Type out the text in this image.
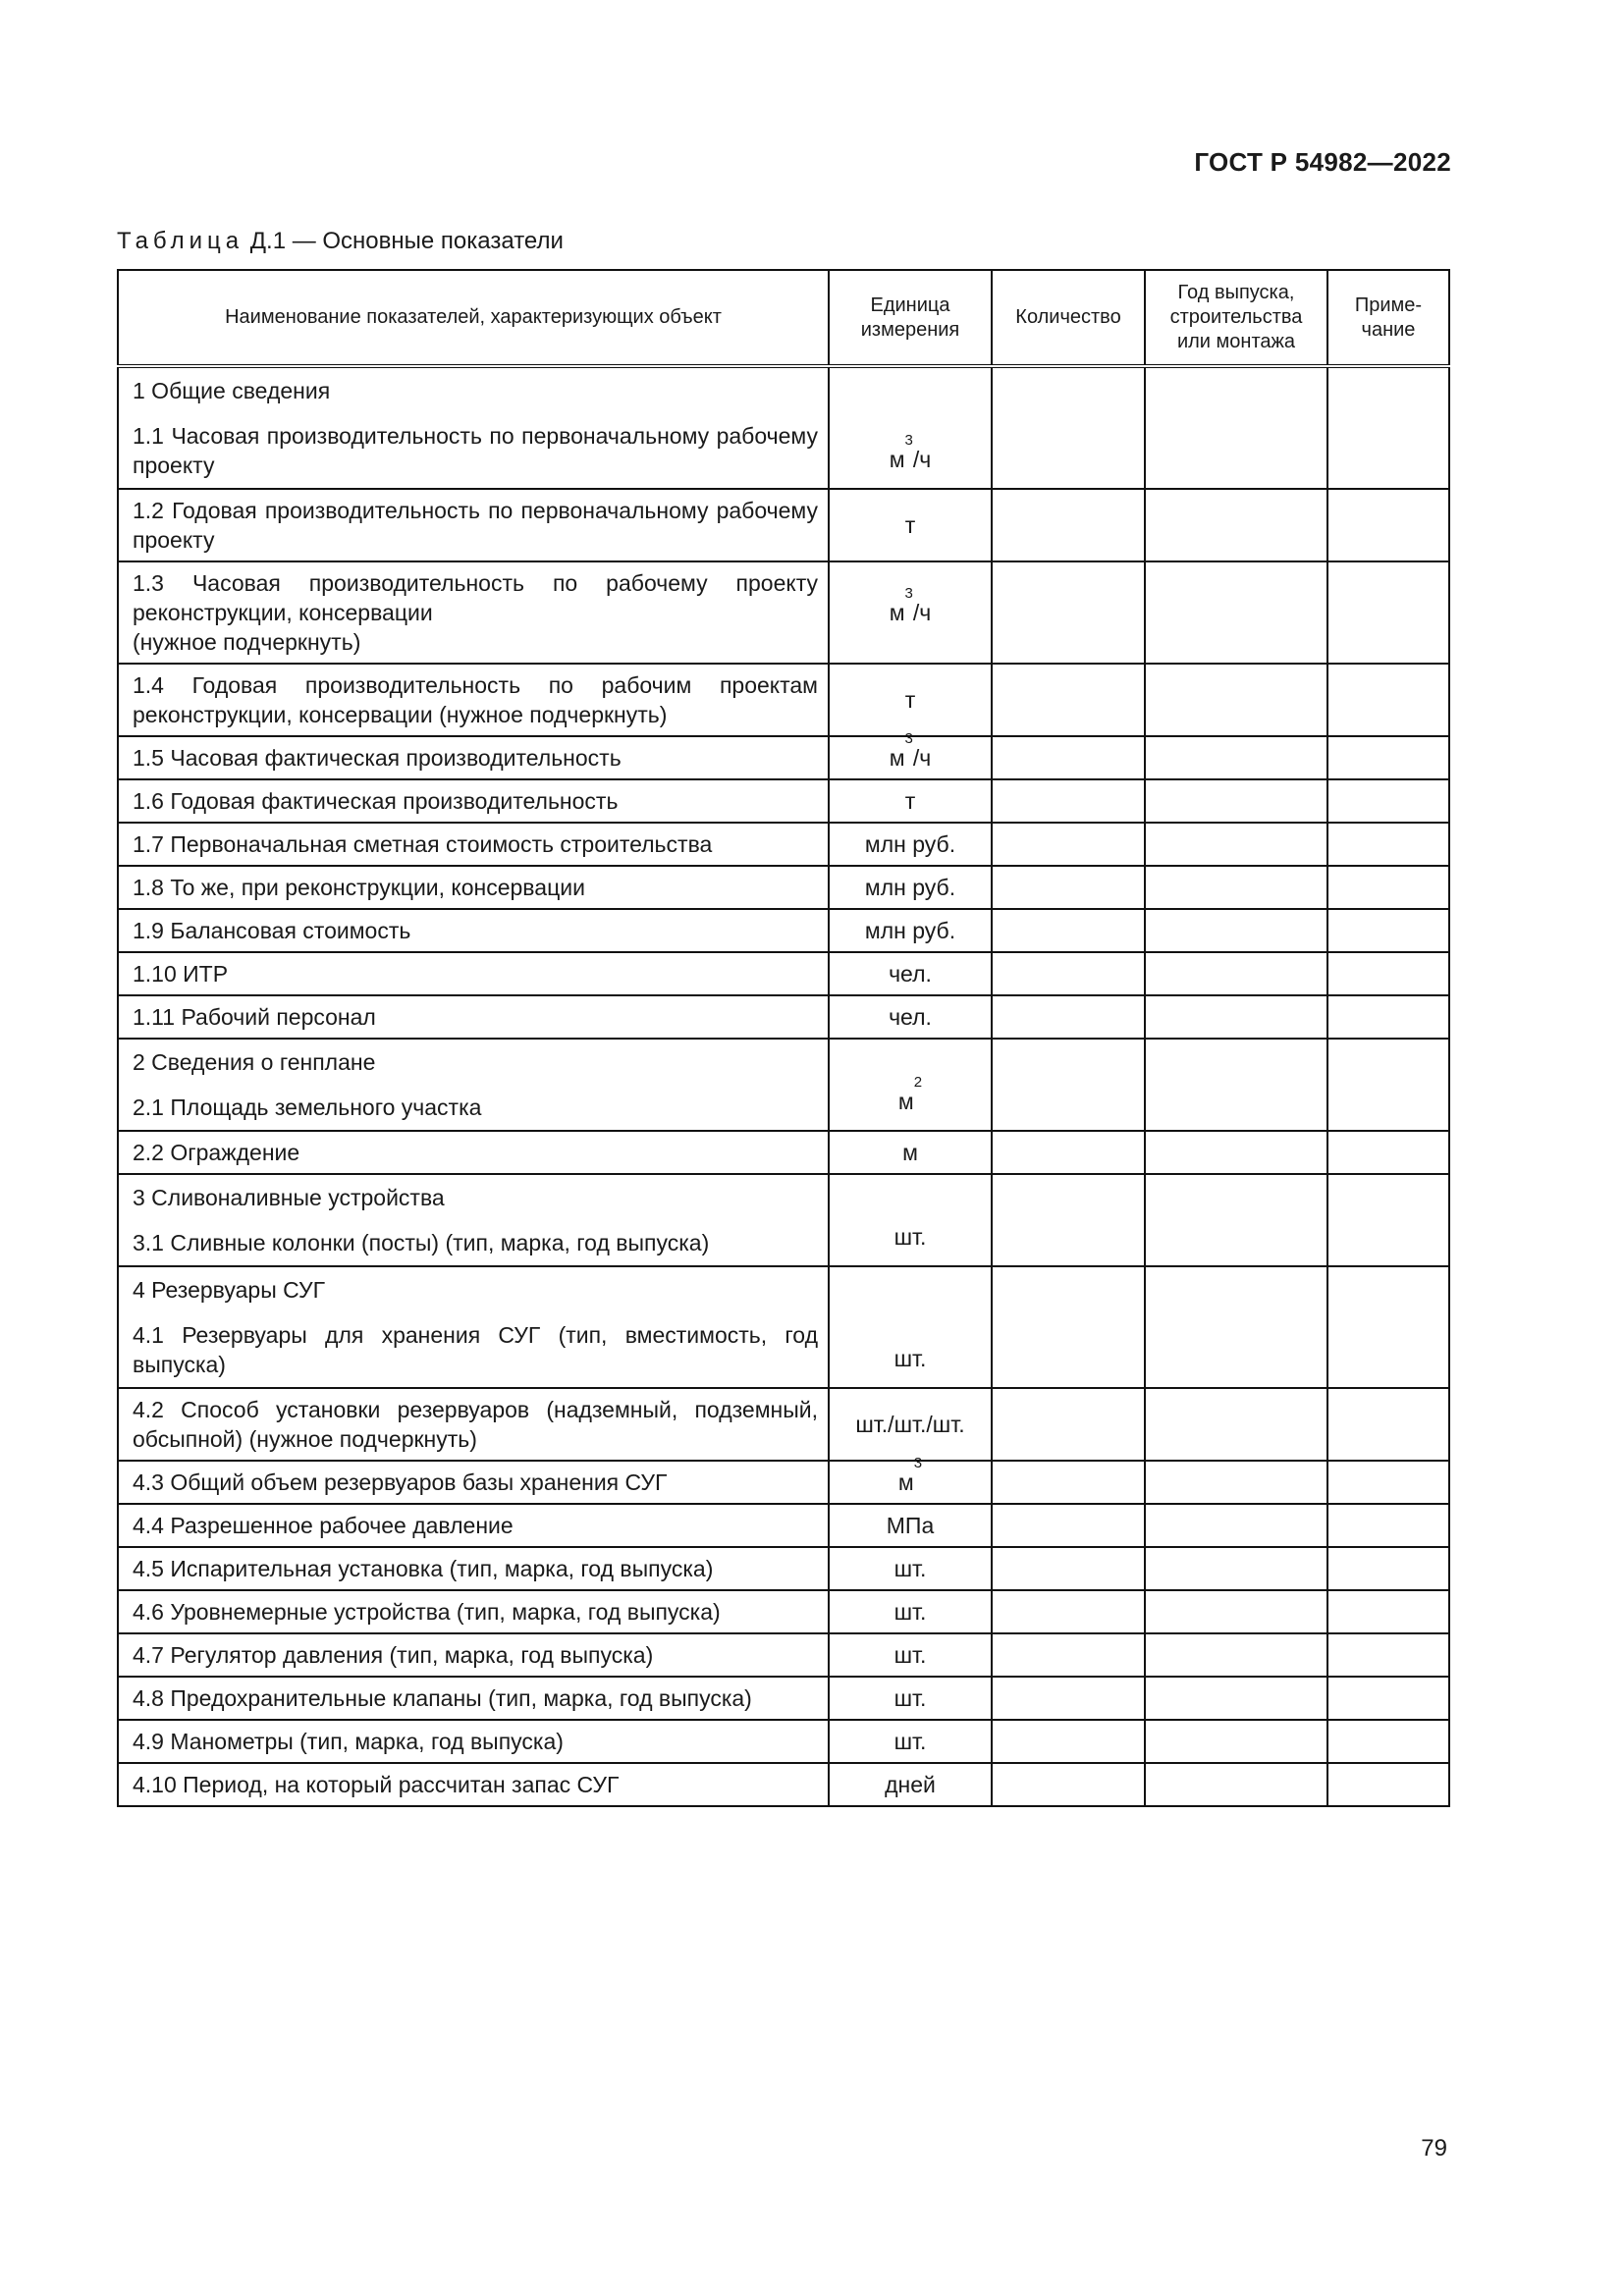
ГОСТ Р 54982—2022
Таблица Д.1 — Основные показатели
Наименование показателей, характеризующих объект	Единица измерения	Количество	Год выпуска, строительства или монтажа	Приме- чание

1 Общие сведения
1.1 Часовая производительность по первоначальному рабочему проекту	$м^3/ч$			
1.2 Годовая производительность по первоначальному рабочему проекту	т			
1.3 Часовая производительность по рабочему проекту реконструкции, консервации
(нужное подчеркнуть)	$м^3/ч$			
1.4 Годовая производительность по рабочим проектам реконструкции, консервации (нужное подчеркнуть)	т			
1.5 Часовая фактическая производительность	$м^3/ч$			
1.6 Годовая фактическая производительность	т			
1.7 Первоначальная сметная стоимость строительства	млн руб.			
1.8 То же, при реконструкции, консервации	млн руб.			
1.9 Балансовая стоимость	млн руб.			
1.10 ИТР	чел.			
1.11 Рабочий персонал	чел.			

2 Сведения о генплане
2.1 Площадь земельного участка	$м^2$			
2.2 Ограждение	м			

3 Сливоналивные устройства
3.1 Сливные колонки (посты) (тип, марка, год выпуска)	шт.			

4 Резервуары СУГ
4.1 Резервуары для хранения СУГ (тип, вместимость, год выпуска)	шт.			
4.2 Способ установки резервуаров (надземный, подземный, обсыпной) (нужное подчеркнуть)	шт./шт./шт.			
4.3 Общий объем резервуаров базы хранения СУГ	$м^3$			
4.4 Разрешенное рабочее давление	МПа			
4.5 Испарительная установка (тип, марка, год выпуска)	шт.			
4.6 Уровнемерные устройства (тип, марка, год выпуска)	шт.			
4.7 Регулятор давления (тип, марка, год выпуска)	шт.			
4.8 Предохранительные клапаны (тип, марка, год выпуска)	шт.			
4.9 Манометры (тип, марка, год выпуска)	шт.			
4.10 Период, на который рассчитан запас СУГ	дней			
79
